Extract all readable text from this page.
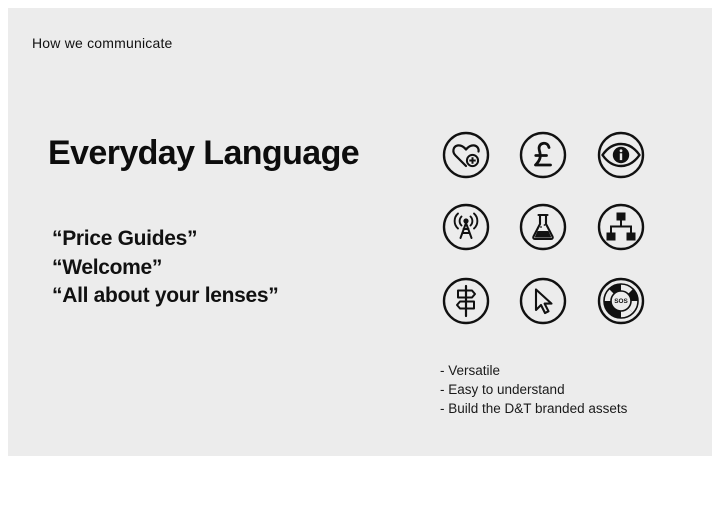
How we communicate
Everyday Language
“Price Guides”
“Welcome”
“All about your lenses”	SOS
- Versatile
- Easy to understand
- Build the D&T branded assets
